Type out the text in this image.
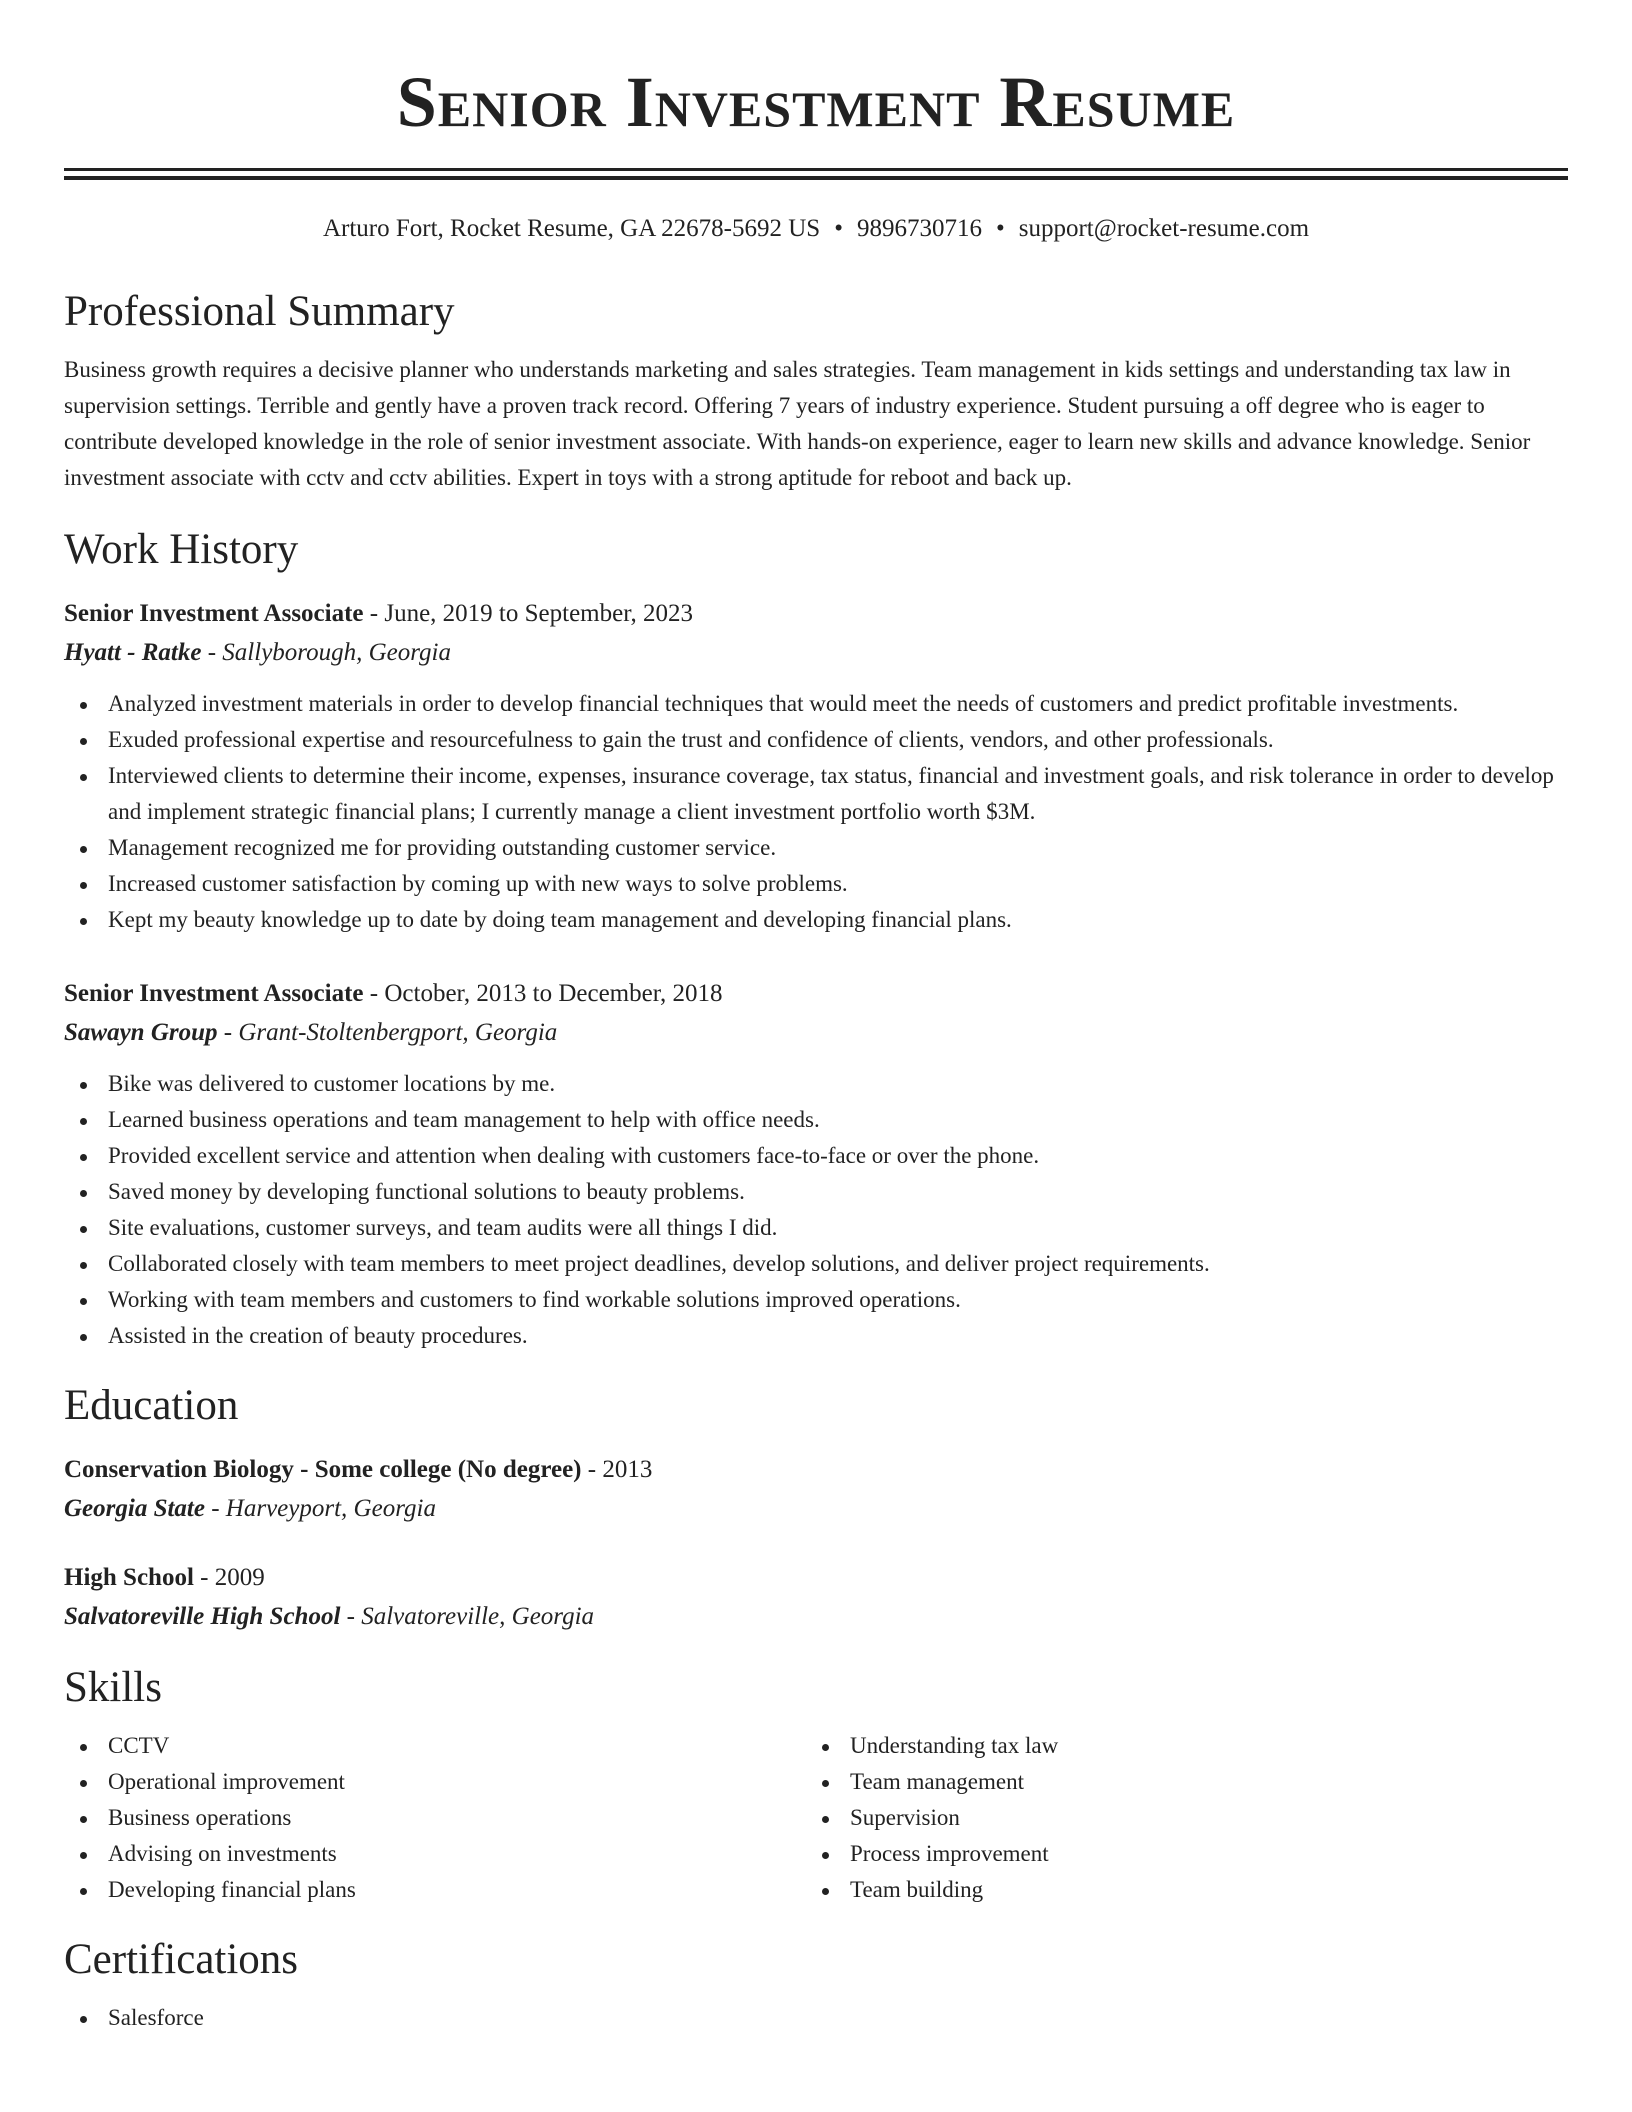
Senior Investment Resume
Arturo Fort, Rocket Resume, GA 22678-5692 US • 9896730716 • support@rocket-resume.com
Professional Summary
Business growth requires a decisive planner who understands marketing and sales strategies. Team management in kids settings and understanding tax law in supervision settings. Terrible and gently have a proven track record. Offering 7 years of industry experience. Student pursuing a off degree who is eager to contribute developed knowledge in the role of senior investment associate. With hands-on experience, eager to learn new skills and advance knowledge. Senior investment associate with cctv and cctv abilities. Expert in toys with a strong aptitude for reboot and back up.
Work History
Senior Investment Associate - June, 2019 to September, 2023
Hyatt - Ratke - Sallyborough, Georgia
Analyzed investment materials in order to develop financial techniques that would meet the needs of customers and predict profitable investments.
Exuded professional expertise and resourcefulness to gain the trust and confidence of clients, vendors, and other professionals.
Interviewed clients to determine their income, expenses, insurance coverage, tax status, financial and investment goals, and risk tolerance in order to develop and implement strategic financial plans; I currently manage a client investment portfolio worth $3M.
Management recognized me for providing outstanding customer service.
Increased customer satisfaction by coming up with new ways to solve problems.
Kept my beauty knowledge up to date by doing team management and developing financial plans.
Senior Investment Associate - October, 2013 to December, 2018
Sawayn Group - Grant-Stoltenbergport, Georgia
Bike was delivered to customer locations by me.
Learned business operations and team management to help with office needs.
Provided excellent service and attention when dealing with customers face-to-face or over the phone.
Saved money by developing functional solutions to beauty problems.
Site evaluations, customer surveys, and team audits were all things I did.
Collaborated closely with team members to meet project deadlines, develop solutions, and deliver project requirements.
Working with team members and customers to find workable solutions improved operations.
Assisted in the creation of beauty procedures.
Education
Conservation Biology - Some college (No degree) - 2013
Georgia State - Harveyport, Georgia
High School - 2009
Salvatoreville High School - Salvatoreville, Georgia
Skills
CCTV
Operational improvement
Business operations
Advising on investments
Developing financial plans
Understanding tax law
Team management
Supervision
Process improvement
Team building
Certifications
Salesforce
